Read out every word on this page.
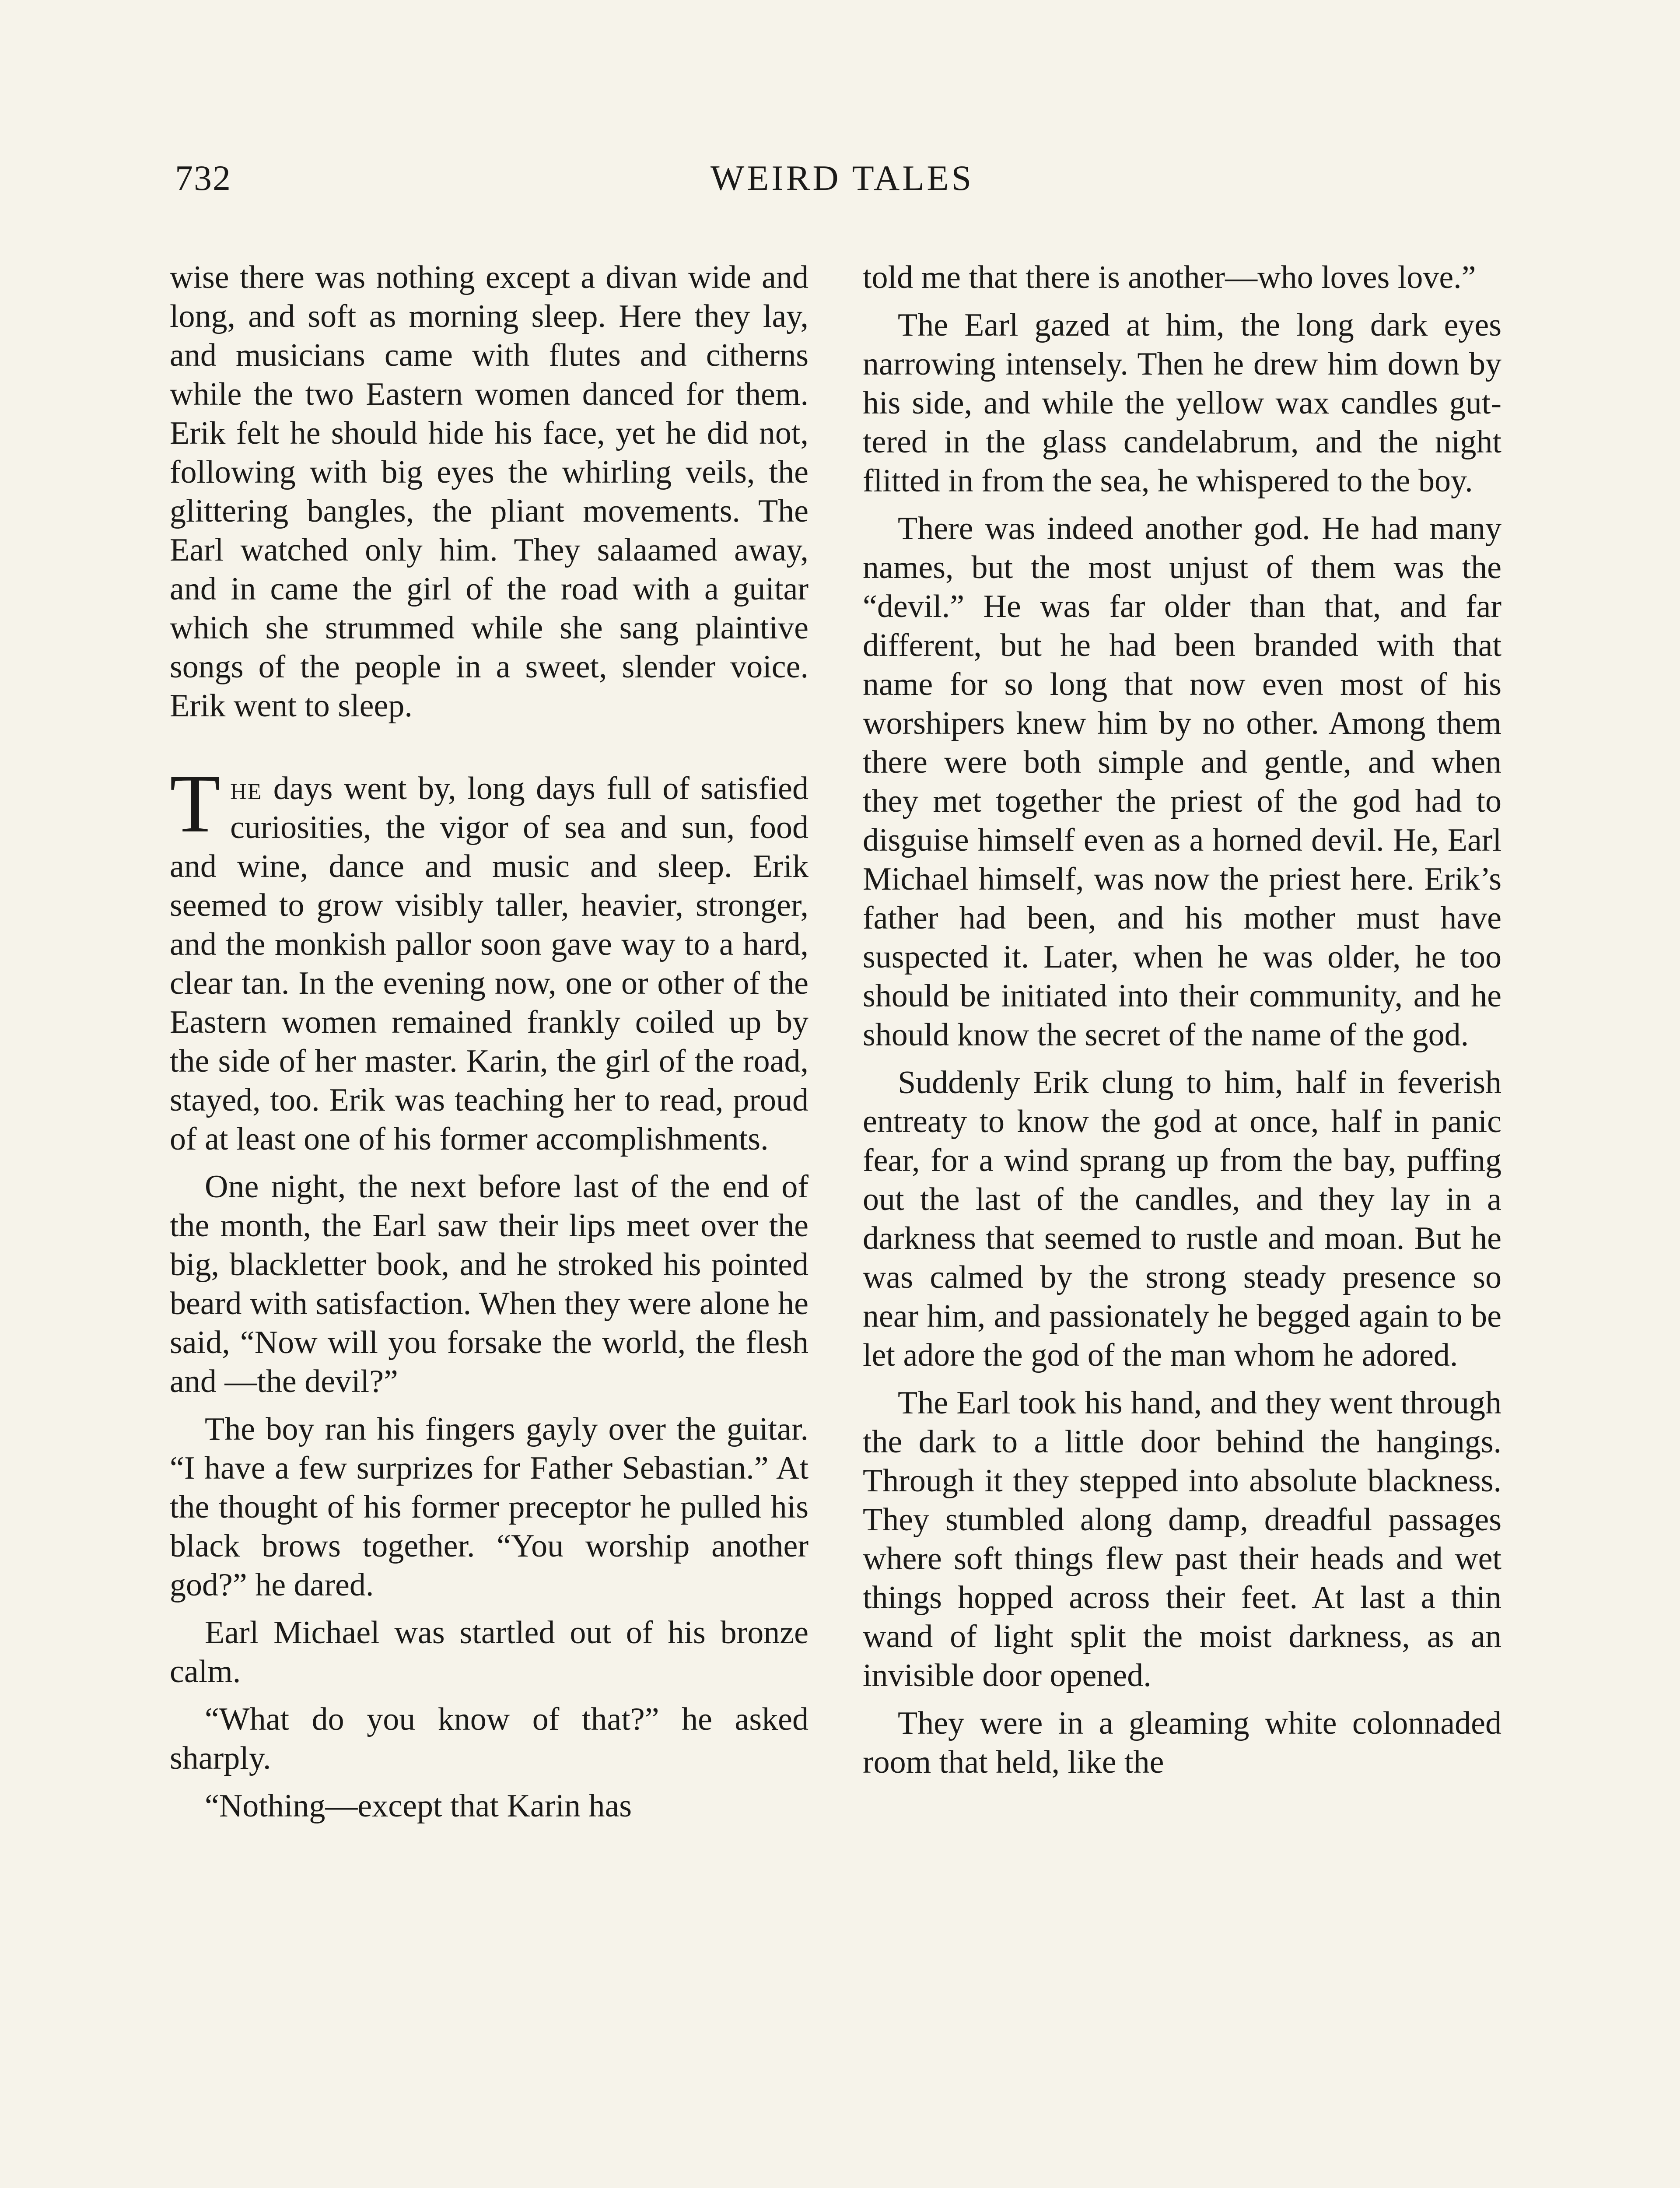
732	WEIRD TALES

wise there was nothing except a divan wide and long, and soft as morning sleep. Here they lay, and musicians came with flutes and citherns while the two Eastern women danced for them. Erik felt he should hide his face, yet he did not, following with big eyes the whirling veils, the glittering bangles, the pliant movements. The Earl watched only him. They salaamed away, and in came the girl of the road with a guitar which she strummed while she sang plaintive songs of the people in a sweet, slender voice. Erik went to sleep.

The days went by, long days full of satisfied curiosities, the vigor of sea and sun, food and wine, dance and music and sleep. Erik seemed to grow visibly taller, heavier, stronger, and the monkish pallor soon gave way to a hard, clear tan. In the evening now, one or other of the Eastern women remained frankly coiled up by the side of her master. Karin, the girl of the road, stayed, too. Erik was teaching her to read, proud of at least one of his former accomplishments.

One night, the next before last of the end of the month, the Earl saw their lips meet over the big, blackletter book, and he stroked his pointed beard with satisfaction. When they were alone he said, “Now will you forsake the world, the flesh and —the devil?”

The boy ran his fingers gayly over the guitar. “I have a few surprizes for Father Sebastian.” At the thought of his former preceptor he pulled his black brows together. “You worship another god?” he dared.

Earl Michael was startled out of his bronze calm.

“What do you know of that?” he asked sharply.

“Nothing—except that Karin has

told me that there is another—who loves love.”

The Earl gazed at him, the long dark eyes narrowing intensely. Then he drew him down by his side, and while the yellow wax candles guttered in the glass candelabrum, and the night flitted in from the sea, he whispered to the boy.

There was indeed another god. He had many names, but the most unjust of them was the “devil.” He was far older than that, and far different, but he had been branded with that name for so long that now even most of his worshipers knew him by no other. Among them there were both simple and gentle, and when they met together the priest of the god had to disguise himself even as a horned devil. He, Earl Michael himself, was now the priest here. Erik’s father had been, and his mother must have suspected it. Later, when he was older, he too should be initiated into their community, and he should know the secret of the name of the god.

Suddenly Erik clung to him, half in feverish entreaty to know the god at once, half in panic fear, for a wind sprang up from the bay, puffing out the last of the candles, and they lay in a darkness that seemed to rustle and moan. But he was calmed by the strong steady presence so near him, and passionately he begged again to be let adore the god of the man whom he adored.

The Earl took his hand, and they went through the dark to a little door behind the hangings. Through it they stepped into absolute blackness. They stumbled along damp, dreadful passages where soft things flew past their heads and wet things hopped across their feet. At last a thin wand of light split the moist darkness, as an invisible door opened.

They were in a gleaming white colonnaded room that held, like the
